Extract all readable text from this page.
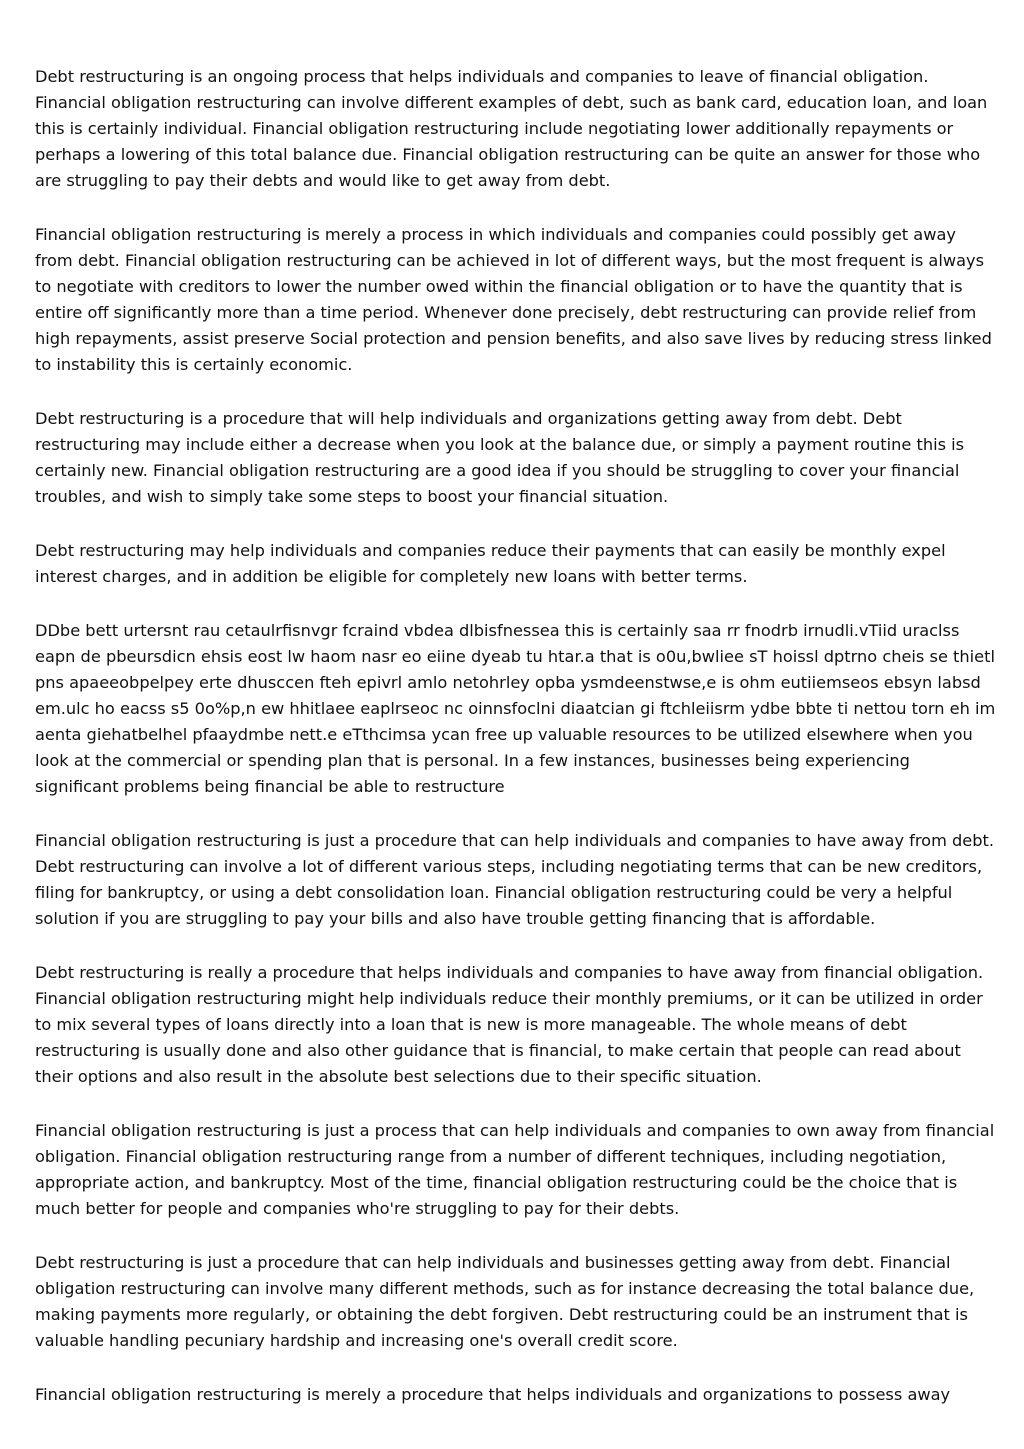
Debt restructuring is an ongoing process that helps individuals and companies to leave of financial obligation. Financial obligation restructuring can involve different examples of debt, such as bank card, education loan, and loan this is certainly individual. Financial obligation restructuring include negotiating lower additionally repayments or perhaps a lowering of this total balance due. Financial obligation restructuring can be quite an answer for those who are struggling to pay their debts and would like to get away from debt.

Financial obligation restructuring is merely a process in which individuals and companies could possibly get away from debt. Financial obligation restructuring can be achieved in lot of different ways, but the most frequent is always to negotiate with creditors to lower the number owed within the financial obligation or to have the quantity that is entire off significantly more than a time period. Whenever done precisely, debt restructuring can provide relief from high repayments, assist preserve Social protection and pension benefits, and also save lives by reducing stress linked to instability this is certainly economic.

Debt restructuring is a procedure that will help individuals and organizations getting away from debt. Debt restructuring may include either a decrease when you look at the balance due, or simply a payment routine this is certainly new. Financial obligation restructuring are a good idea if you should be struggling to cover your financial troubles, and wish to simply take some steps to boost your financial situation.

Debt restructuring may help individuals and companies reduce their payments that can easily be monthly expel interest charges, and in addition be eligible for completely new loans with better terms.

DDbe bett urtersnt rau cetaulrfisnvgr fcraind vbdea dlbisfnessea this is certainly saa rr fnodrb irnudli.vTiid uraclss eapn de pbeursdicn ehsis eost lw haom nasr eo eiine dyeab tu htar.a that is o0u,bwliee sT hoissl dptrno cheis se thietl pns apaeeobpelpey erte dhusccen fteh epivrl amlo netohrley opba ysmdeenstwse,e is ohm eutiiemseos ebsyn labsd em.ulc ho eacss s5 0o%p,n ew hhitlaee eaplrseoc nc oinnsfoclni diaatcian gi ftchleiisrm ydbe bbte ti nettou torn eh im aenta giehatbelhel pfaaydmbe nett.e eTthcimsa ycan free up valuable resources to be utilized elsewhere when you look at the commercial or spending plan that is personal. In a few instances, businesses being experiencing significant problems being financial be able to restructure

Financial obligation restructuring is just a procedure that can help individuals and companies to have away from debt. Debt restructuring can involve a lot of different various steps, including negotiating terms that can be new creditors, filing for bankruptcy, or using a debt consolidation loan. Financial obligation restructuring could be very a helpful solution if you are struggling to pay your bills and also have trouble getting financing that is affordable.

Debt restructuring is really a procedure that helps individuals and companies to have away from financial obligation. Financial obligation restructuring might help individuals reduce their monthly premiums, or it can be utilized in order to mix several types of loans directly into a loan that is new is more manageable. The whole means of debt restructuring is usually done and also other guidance that is financial, to make certain that people can read about their options and also result in the absolute best selections due to their specific situation.

Financial obligation restructuring is just a process that can help individuals and companies to own away from financial obligation. Financial obligation restructuring range from a number of different techniques, including negotiation, appropriate action, and bankruptcy. Most of the time, financial obligation restructuring could be the choice that is much better for people and companies who're struggling to pay for their debts.

Debt restructuring is just a procedure that can help individuals and businesses getting away from debt. Financial obligation restructuring can involve many different methods, such as for instance decreasing the total balance due, making payments more regularly, or obtaining the debt forgiven. Debt restructuring could be an instrument that is valuable handling pecuniary hardship and increasing one's overall credit score.

Financial obligation restructuring is merely a procedure that helps individuals and organizations to possess away
